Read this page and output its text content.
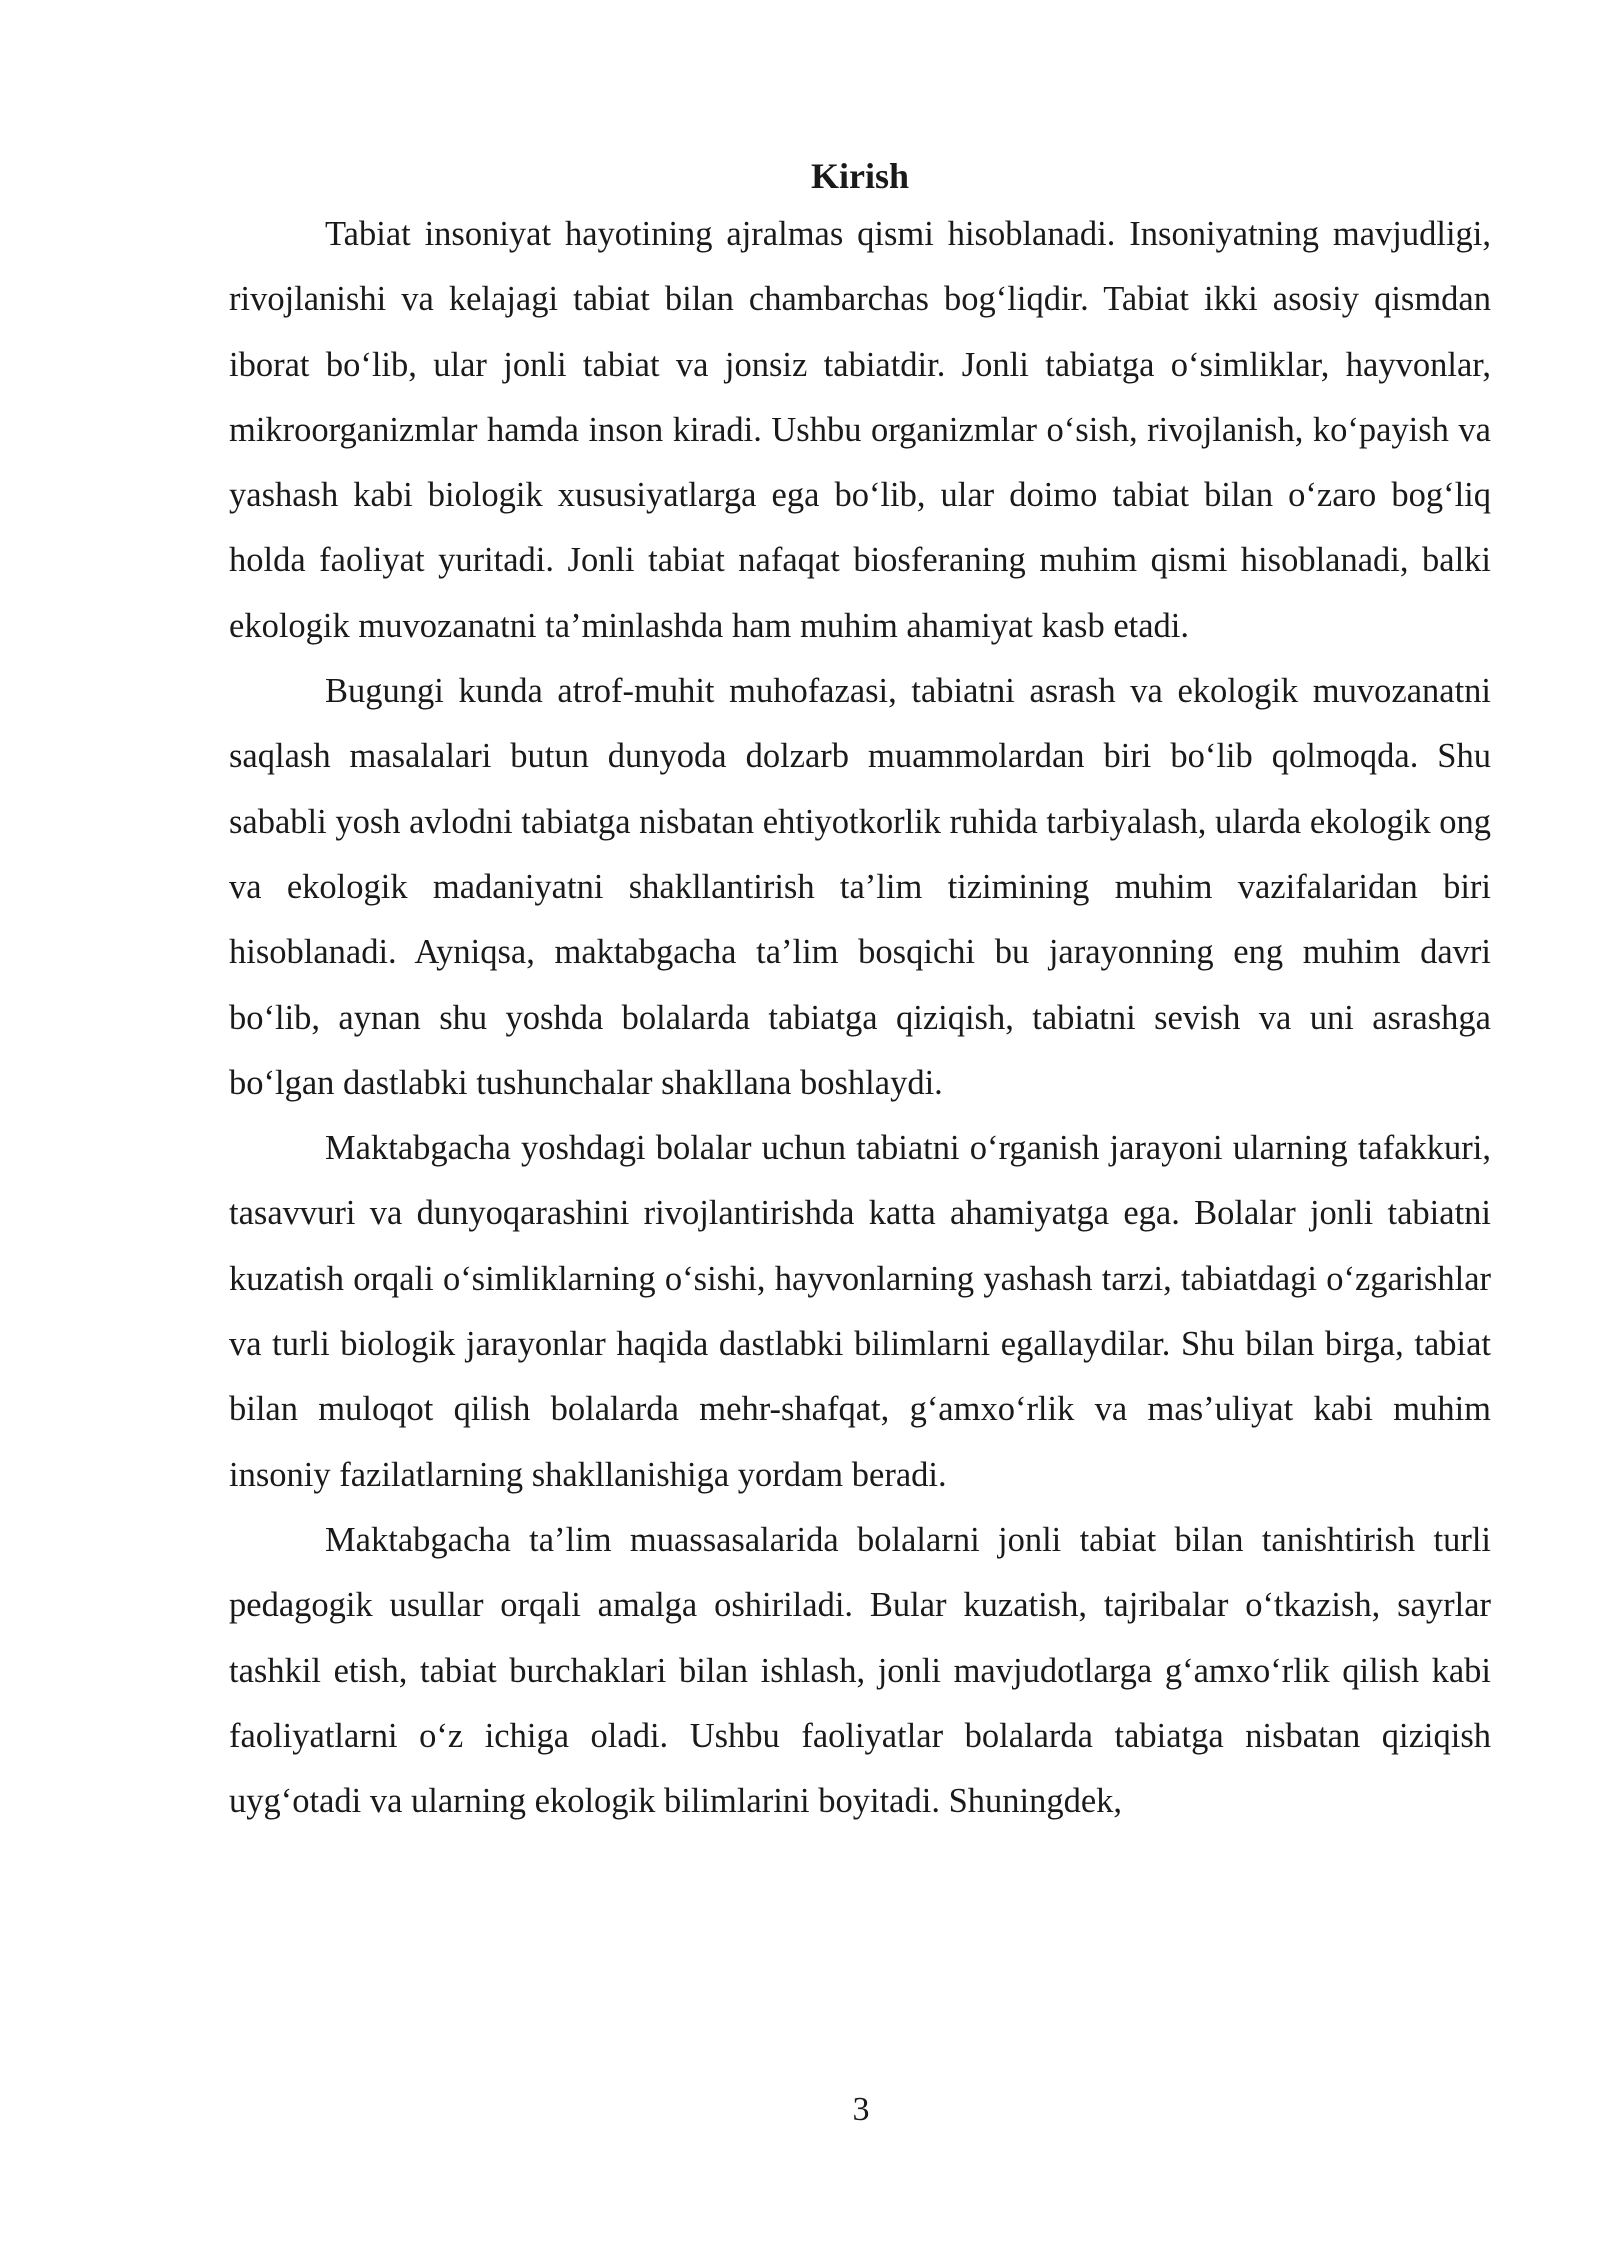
Kirish

Tabiat insoniyat hayotining ajralmas qismi hisoblanadi. Insoniyatning mavjudligi, rivojlanishi va kelajagi tabiat bilan chambarchas bog‘liqdir. Tabiat ikki asosiy qismdan iborat bo‘lib, ular jonli tabiat va jonsiz tabiatdir. Jonli tabiatga o‘simliklar, hayvonlar, mikroorganizmlar hamda inson kiradi. Ushbu organizmlar o‘sish, rivojlanish, ko‘payish va yashash kabi biologik xususiyatlarga ega bo‘lib, ular doimo tabiat bilan o‘zaro bog‘liq holda faoliyat yuritadi. Jonli tabiat nafaqat biosferaning muhim qismi hisoblanadi, balki ekologik muvozanatni ta’minlashda ham muhim ahamiyat kasb etadi.

Bugungi kunda atrof-muhit muhofazasi, tabiatni asrash va ekologik muvozanatni saqlash masalalari butun dunyoda dolzarb muammolardan biri bo‘lib qolmoqda. Shu sababli yosh avlodni tabiatga nisbatan ehtiyotkorlik ruhida tarbiyalash, ularda ekologik ong va ekologik madaniyatni shakllantirish ta’lim tizimining muhim vazifalaridan biri hisoblanadi. Ayniqsa, maktabgacha ta’lim bosqichi bu jarayonning eng muhim davri bo‘lib, aynan shu yoshda bolalarda tabiatga qiziqish, tabiatni sevish va uni asrashga bo‘lgan dastlabki tushunchalar shakllana boshlaydi.

Maktabgacha yoshdagi bolalar uchun tabiatni o‘rganish jarayoni ularning tafakkuri, tasavvuri va dunyoqarashini rivojlantirishda katta ahamiyatga ega. Bolalar jonli tabiatni kuzatish orqali o‘simliklarning o‘sishi, hayvonlarning yashash tarzi, tabiatdagi o‘zgarishlar va turli biologik jarayonlar haqida dastlabki bilimlarni egallaydilar. Shu bilan birga, tabiat bilan muloqot qilish bolalarda mehr-shafqat, g‘amxo‘rlik va mas’uliyat kabi muhim insoniy fazilatlarning shakllanishiga yordam beradi.

Maktabgacha ta’lim muassasalarida bolalarni jonli tabiat bilan tanishtirish turli pedagogik usullar orqali amalga oshiriladi. Bular kuzatish, tajribalar o‘tkazish, sayrlar tashkil etish, tabiat burchaklari bilan ishlash, jonli mavjudotlarga g‘amxo‘rlik qilish kabi faoliyatlarni o‘z ichiga oladi. Ushbu faoliyatlar bolalarda tabiatga nisbatan qiziqish uyg‘otadi va ularning ekologik bilimlarini boyitadi. Shuningdek,

3
